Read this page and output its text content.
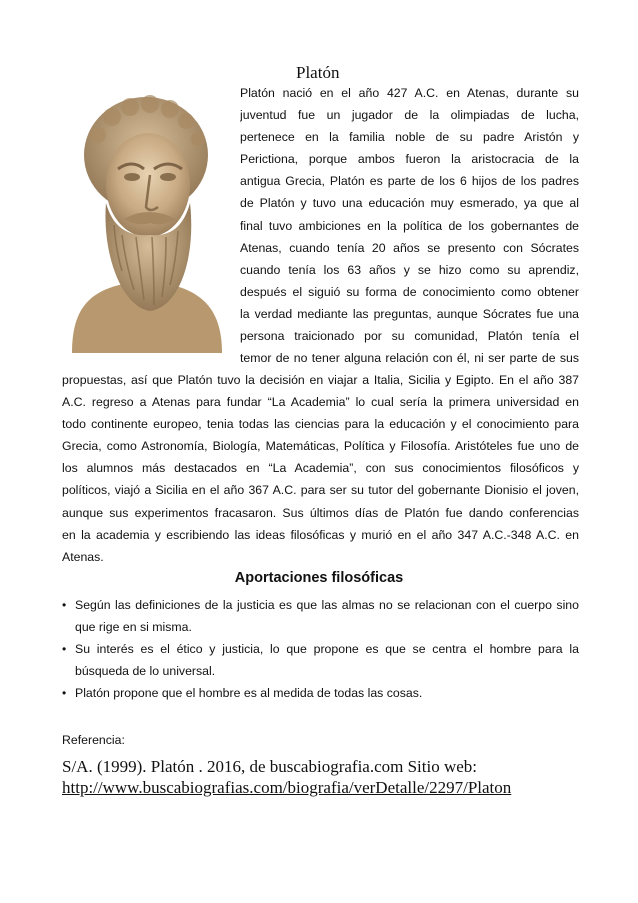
Platón
Platón nació en el año 427 A.C. en Atenas, durante su
juventud fue un jugador de la olimpiadas de lucha,
pertenece en la familia noble de su padre Aristón y
Perictiona, porque ambos fueron la aristocracia de la
antigua Grecia, Platón es parte de los 6 hijos de los padres
de Platón y tuvo una educación muy esmerado, ya que al
final tuvo ambiciones en la política de los gobernantes de
Atenas, cuando tenía 20 años se presento con Sócrates
cuando tenía los 63 años y se hizo como su aprendiz,
después el siguió su forma de conocimiento como obtener
la verdad mediante las preguntas, aunque Sócrates fue una
persona traicionado por su comunidad, Platón tenía el
temor de no tener alguna relación con él, ni ser parte de sus
propuestas, así que Platón tuvo la decisión en viajar a Italia, Sicilia y Egipto. En el año 387
A.C. regreso a Atenas para fundar “La Academia” lo cual sería la primera universidad en
todo continente europeo, tenia todas las ciencias para la educación y el conocimiento para
Grecia, como Astronomía, Biología, Matemáticas, Política y Filosofía. Aristóteles fue uno de
los alumnos más destacados en “La Academia”, con sus conocimientos filosóficos y
políticos, viajó a Sicilia en el año 367 A.C. para ser su tutor del gobernante Dionisio el joven,
aunque sus experimentos fracasaron. Sus últimos días de Platón fue dando conferencias
en la academia y escribiendo las ideas filosóficas y murió en el año 347 A.C.-348 A.C. en
Atenas.
Aportaciones filosóficas
• Según las definiciones de la justicia es que las almas no se relacionan con el cuerpo sino
que rige en si misma.
• Su interés es el ético y justicia, lo que propone es que se centra el hombre para la
búsqueda de lo universal.
• Platón propone que el hombre es al medida de todas las cosas.
Referencia:
S/A. (1999). Platón . 2016, de buscabiografia.com Sitio web:
http://www.buscabiografias.com/biografia/verDetalle/2297/Platon
